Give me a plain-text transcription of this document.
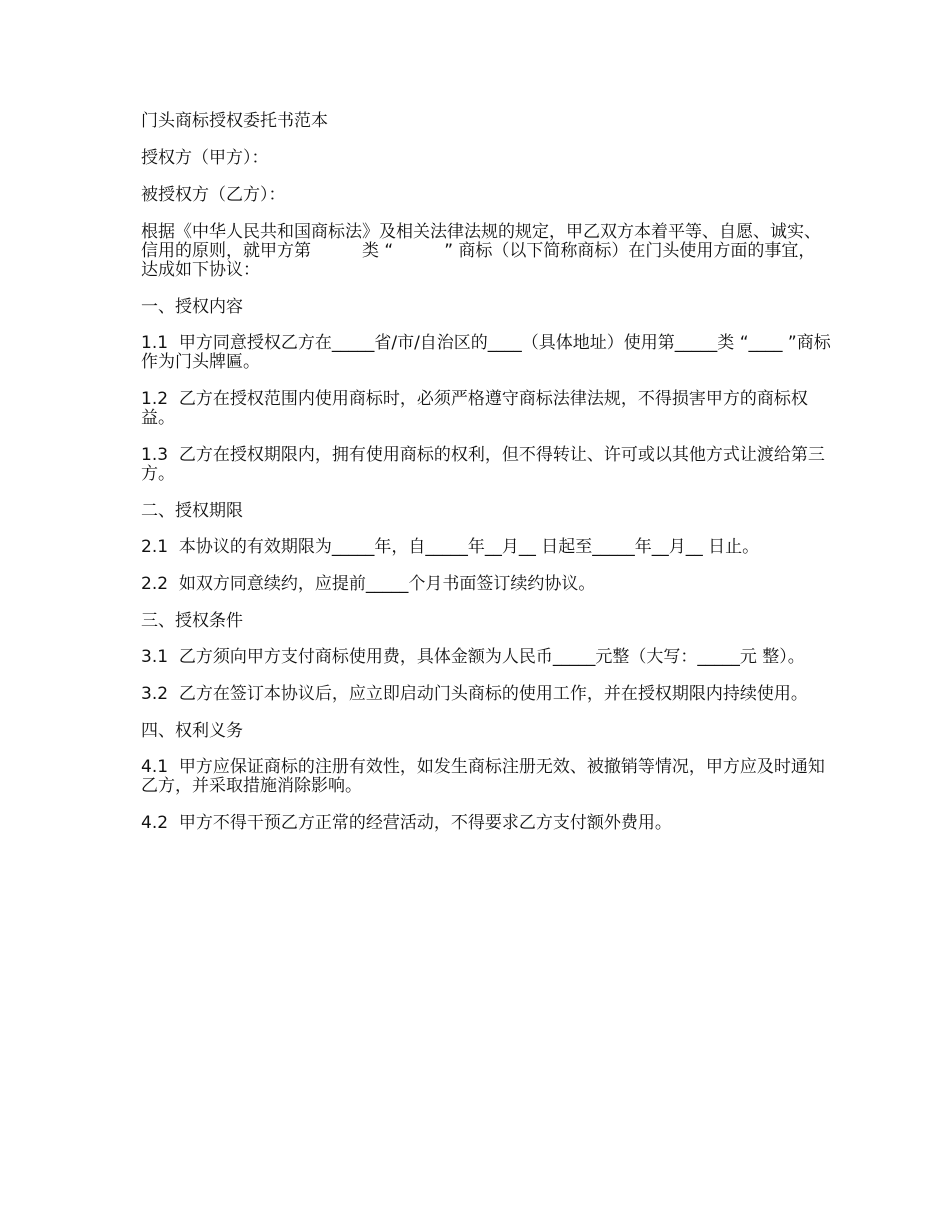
门头商标授权委托书范本

授权方（甲方）：

被授权方（乙方）：

根据《中华人民共和国商标法》及相关法律法规的规定，甲乙双方本着平等、自愿、诚实、信用的原则，就甲方第　　　类 “　　　” 商标（以下简称商标）在门头使用方面的事宜，达成如下协议：

一、授权内容

1.1  甲方同意授权乙方在_____省/市/自治区的____（具体地址）使用第_____类 “____ ”商标作为门头牌匾。

1.2  乙方在授权范围内使用商标时，必须严格遵守商标法律法规，不得损害甲方的商标权益。

1.3  乙方在授权期限内，拥有使用商标的权利，但不得转让、许可或以其他方式让渡给第三方。

二、授权期限

2.1  本协议的有效期限为_____年，自_____年__月__ 日起至_____年__月__ 日止。

2.2  如双方同意续约，应提前_____个月书面签订续约协议。

三、授权条件

3.1  乙方须向甲方支付商标使用费，具体金额为人民币_____元整（大写：_____元 整）。

3.2  乙方在签订本协议后，应立即启动门头商标的使用工作，并在授权期限内持续使用。

四、权利义务

4.1  甲方应保证商标的注册有效性，如发生商标注册无效、被撤销等情况，甲方应及时通知乙方，并采取措施消除影响。

4.2  甲方不得干预乙方正常的经营活动，不得要求乙方支付额外费用。
